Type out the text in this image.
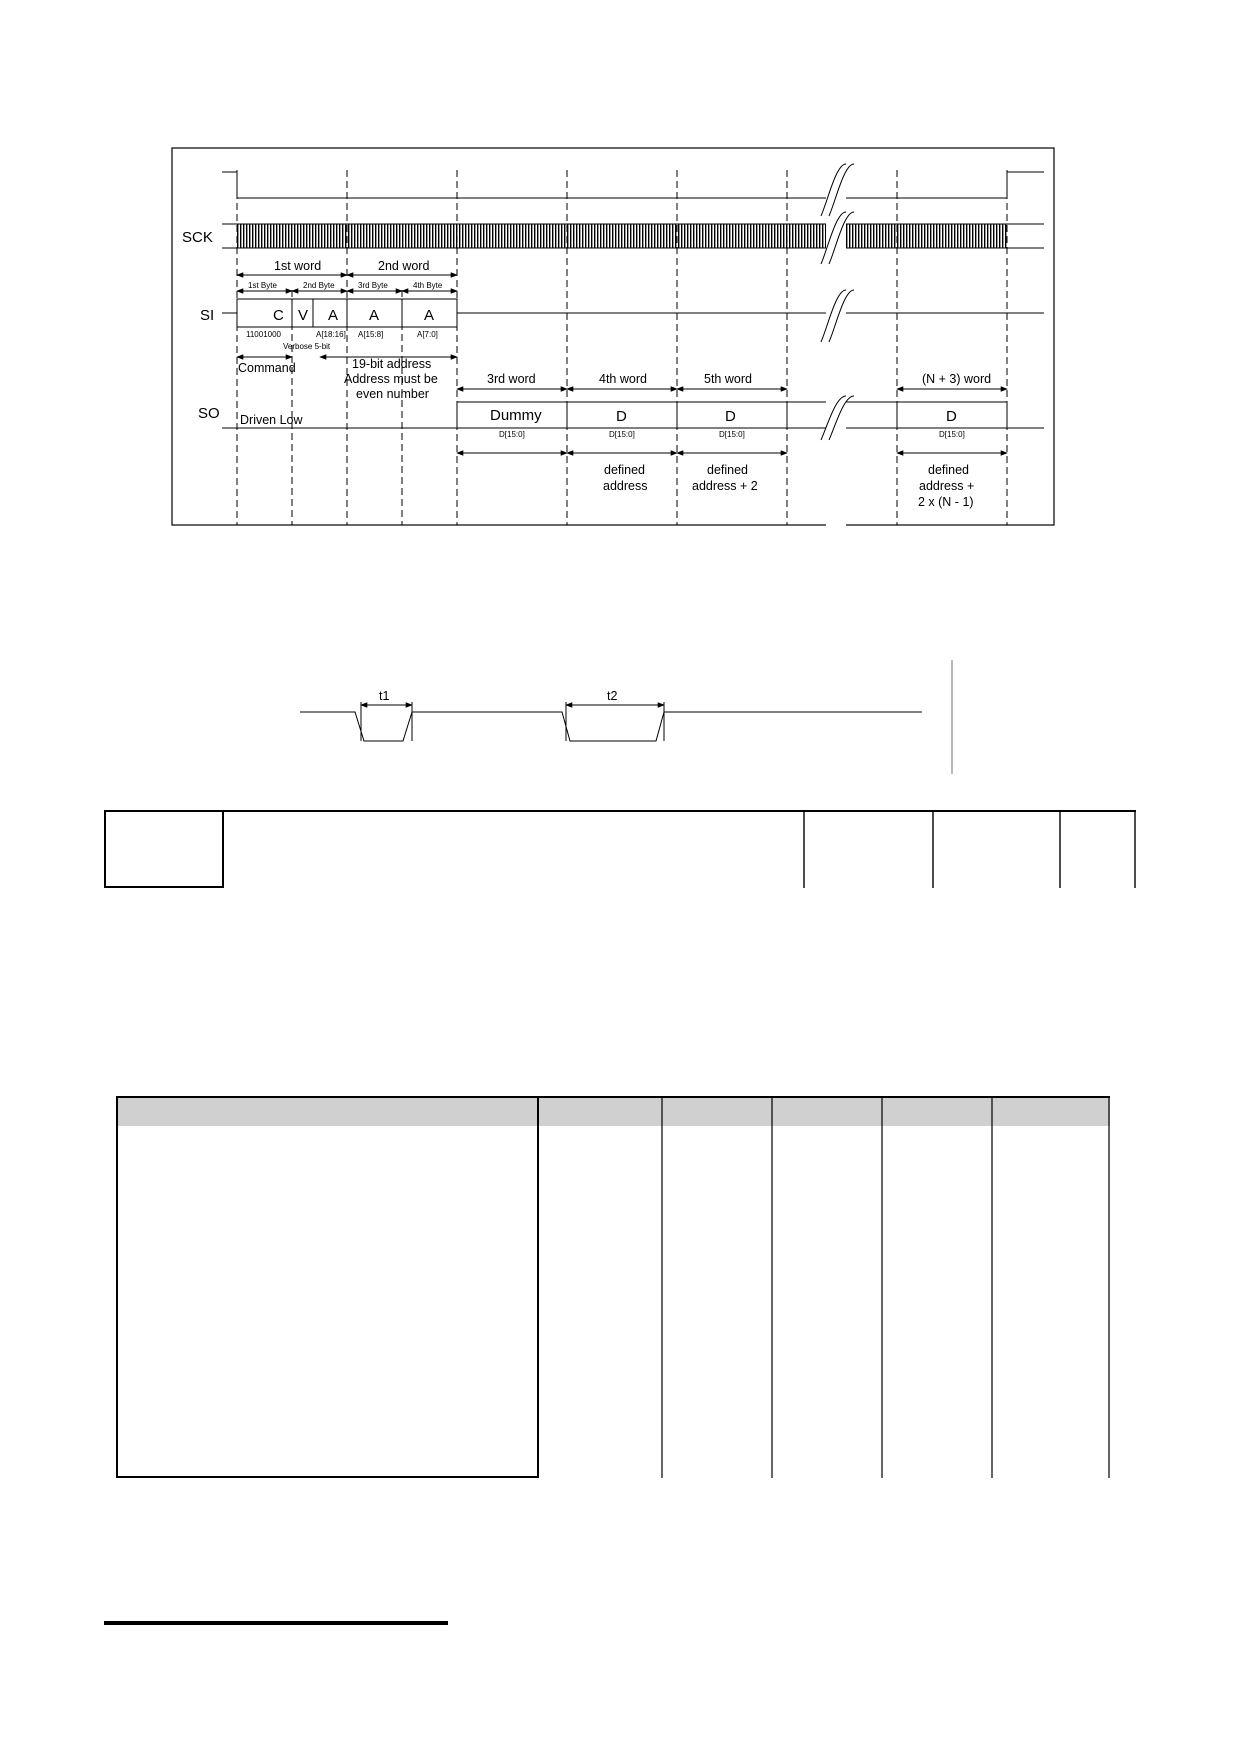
SCK
SI
1st word	2nd word
1st Byte	2nd Byte	3rd Byte	4th Byte
C V A A	A
11001000	A[18:16] A[15:8]	A[7:0]
Verbose 5-bit
Command	19-bit address
Address must be
even number
SO Driven Low
3rd word	4th word	5th word	(N + 3) word
Dummy	D	D	D
D[15:0]	D[15:0]	D[15:0]	D[15:0]
defined
address
defined
address + 2
defined
address +
2 x (N - 1)
t1	t2
